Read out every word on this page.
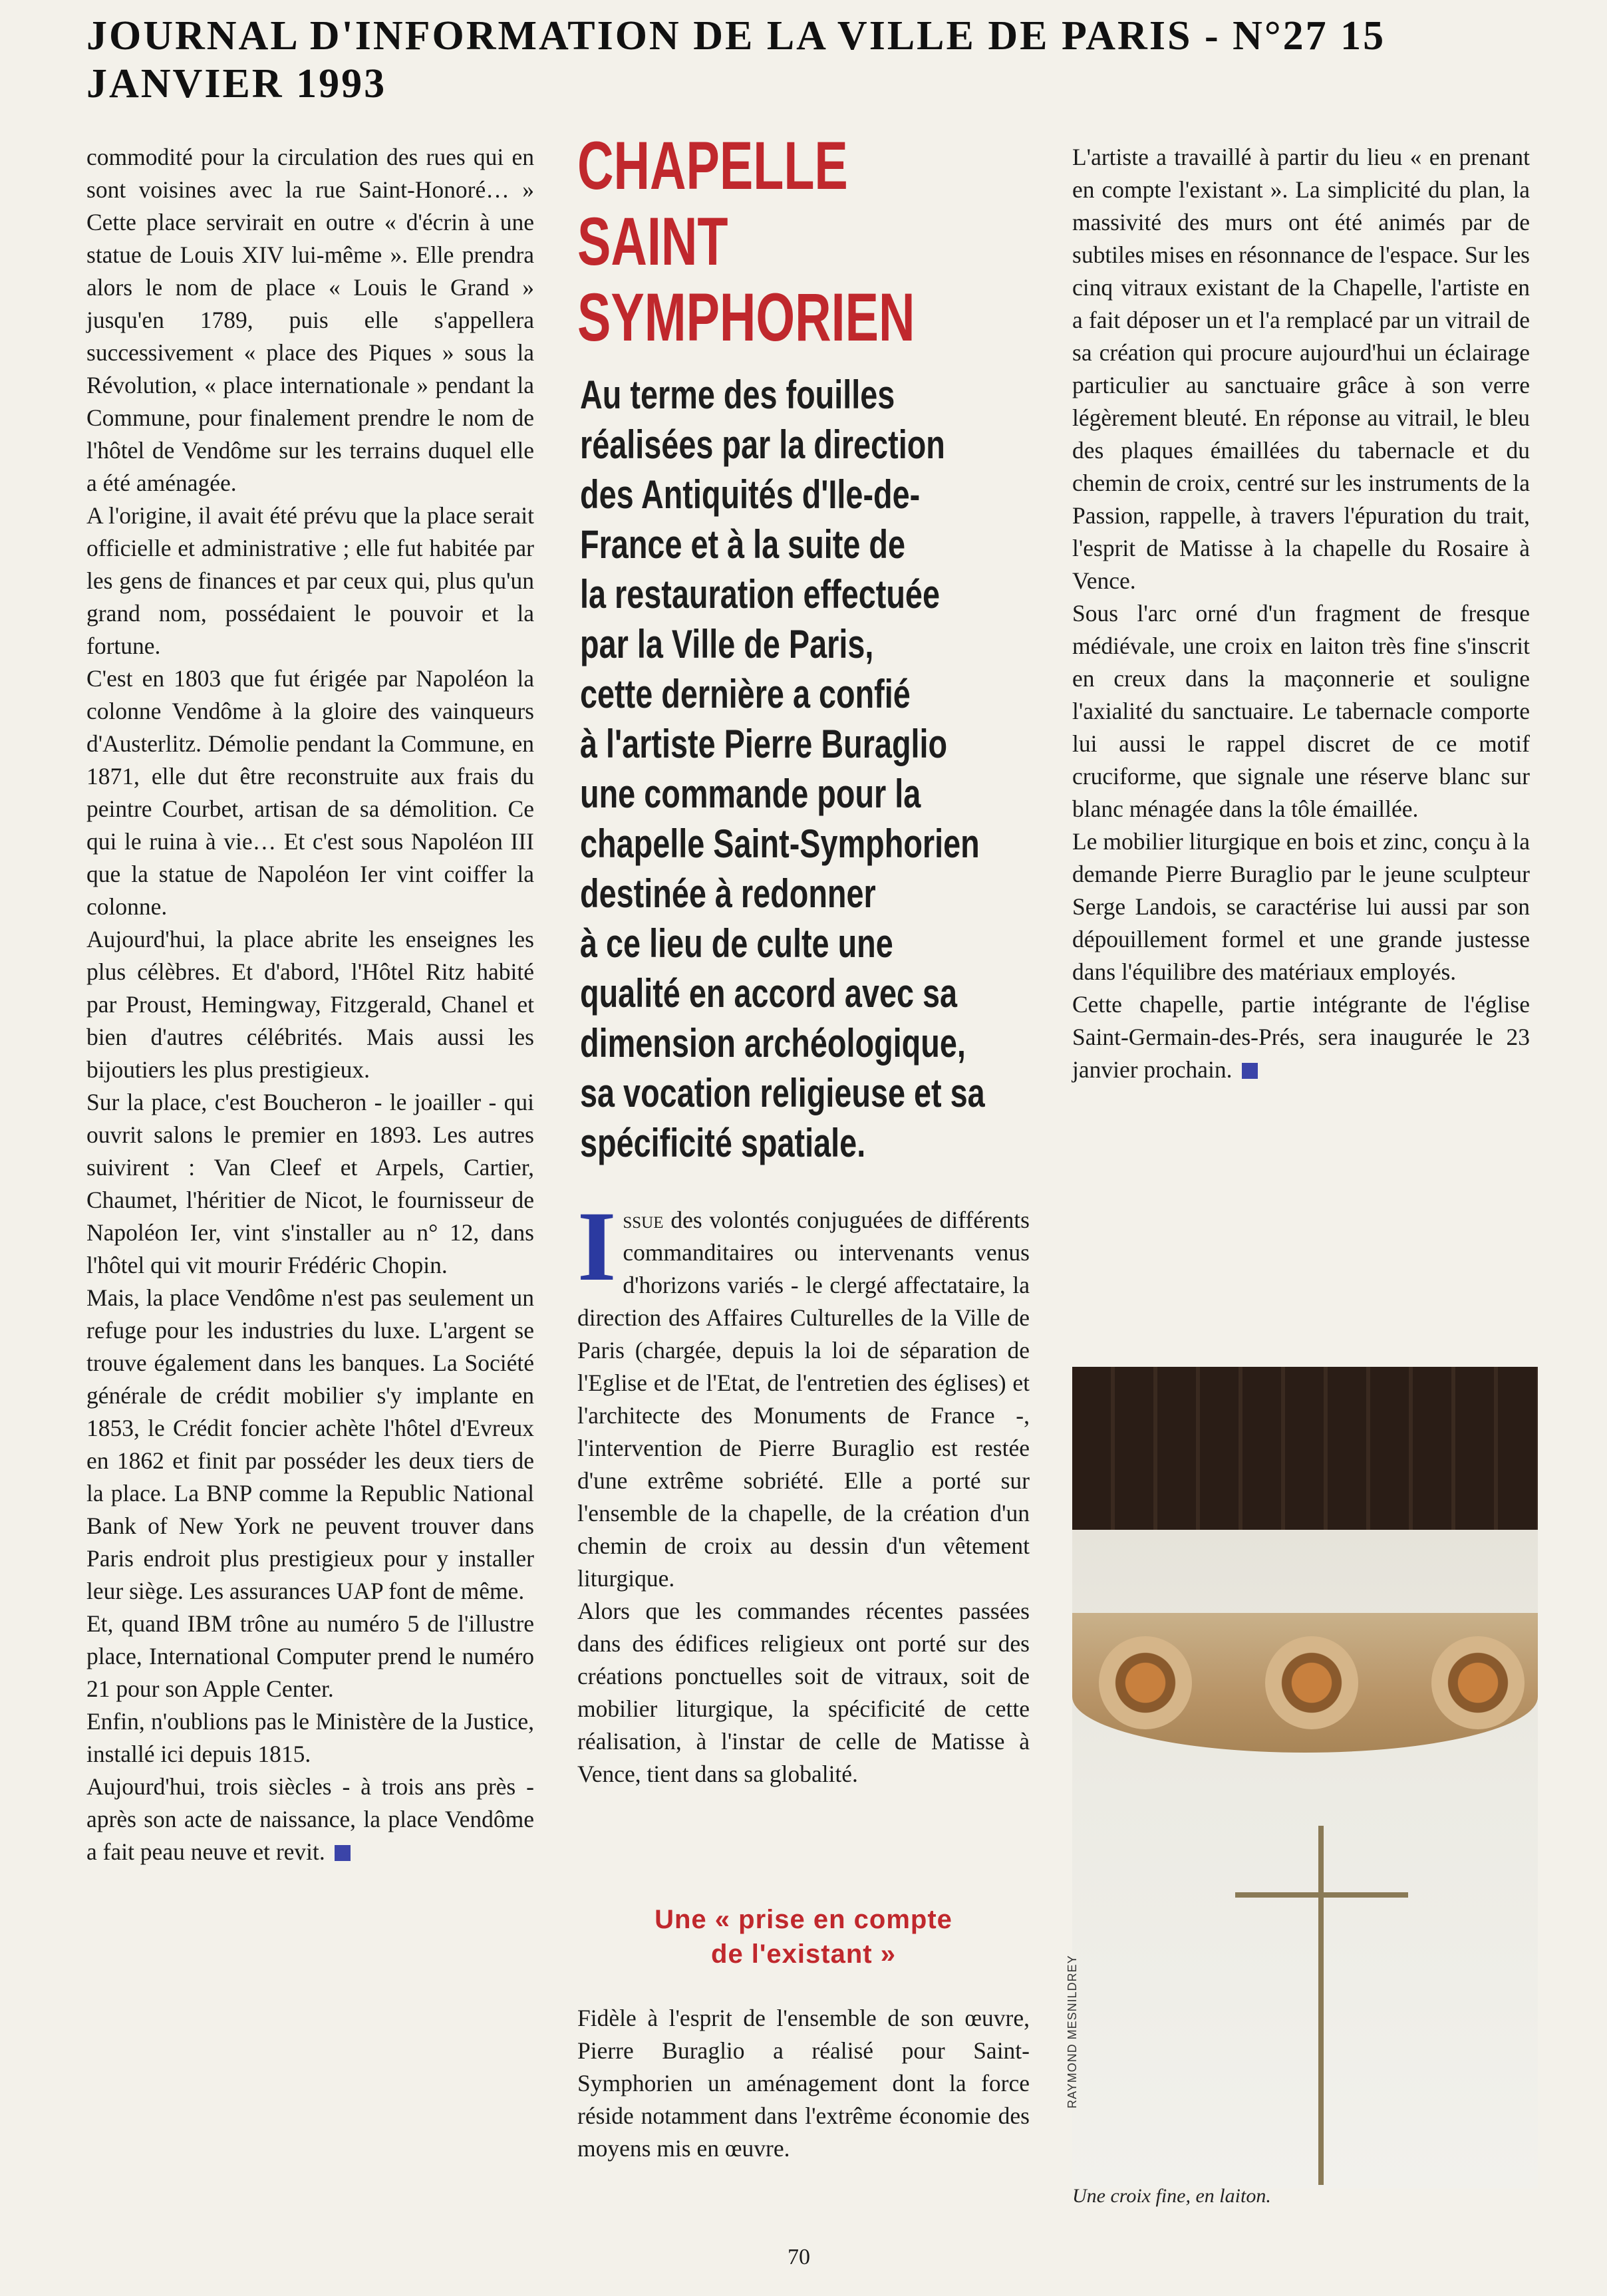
JOURNAL D'INFORMATION DE LA VILLE DE PARIS - N°27 15
JANVIER 1993

commodité pour la circulation des rues qui en sont voisines avec la rue Saint-Honoré… » Cette place servirait en outre « d'écrin à une statue de Louis XIV lui-même ». Elle prendra alors le nom de place « Louis le Grand » jusqu'en 1789, puis elle s'appellera successivement « place des Piques » sous la Révolution, « place internationale » pendant la Commune, pour finalement prendre le nom de l'hôtel de Vendôme sur les terrains duquel elle a été aménagée.

A l'origine, il avait été prévu que la place serait officielle et administrative ; elle fut habitée par les gens de finances et par ceux qui, plus qu'un grand nom, possédaient le pouvoir et la fortune.

C'est en 1803 que fut érigée par Napoléon la colonne Vendôme à la gloire des vainqueurs d'Austerlitz. Démolie pendant la Commune, en 1871, elle dut être reconstruite aux frais du peintre Courbet, artisan de sa démolition. Ce qui le ruina à vie… Et c'est sous Napoléon III que la statue de Napoléon Ier vint coiffer la colonne.

Aujourd'hui, la place abrite les enseignes les plus célèbres. Et d'abord, l'Hôtel Ritz habité par Proust, Hemingway, Fitzgerald, Chanel et bien d'autres célébrités. Mais aussi les bijoutiers les plus prestigieux.

Sur la place, c'est Boucheron - le joailler - qui ouvrit salons le premier en 1893. Les autres suivirent : Van Cleef et Arpels, Cartier, Chaumet, l'héritier de Nicot, le fournisseur de Napoléon Ier, vint s'installer au n° 12, dans l'hôtel qui vit mourir Frédéric Chopin.

Mais, la place Vendôme n'est pas seulement un refuge pour les industries du luxe. L'argent se trouve également dans les banques. La Société générale de crédit mobilier s'y implante en 1853, le Crédit foncier achète l'hôtel d'Evreux en 1862 et finit par posséder les deux tiers de la place. La BNP comme la Republic National Bank of New York ne peuvent trouver dans Paris endroit plus prestigieux pour y installer leur siège. Les assurances UAP font de même.

Et, quand IBM trône au numéro 5 de l'illustre place, International Computer prend le numéro 21 pour son Apple Center.

Enfin, n'oublions pas le Ministère de la Justice, installé ici depuis 1815.

Aujourd'hui, trois siècles - à trois ans près - après son acte de naissance, la place Vendôme a fait peau neuve et revit.

CHAPELLE
SAINT
SYMPHORIEN
Au terme des fouilles
réalisées par la direction
des Antiquités d'Ile-de-
France et à la suite de
la restauration effectuée
par la Ville de Paris,
cette dernière a confié
à l'artiste Pierre Buraglio
une commande pour la
chapelle Saint-Symphorien
destinée à redonner
à ce lieu de culte une
qualité en accord avec sa
dimension archéologique,
sa vocation religieuse et sa
spécificité spatiale.

Issue des volontés conjuguées de différents commanditaires ou intervenants venus d'horizons variés - le clergé affectataire, la direction des Affaires Culturelles de la Ville de Paris (chargée, depuis la loi de séparation de l'Eglise et de l'Etat, de l'entretien des églises) et l'architecte des Monuments de France -, l'intervention de Pierre Buraglio est restée d'une extrême sobriété. Elle a porté sur l'ensemble de la chapelle, de la création d'un chemin de croix au dessin d'un vêtement liturgique.

Alors que les commandes récentes passées dans des édifices religieux ont porté sur des créations ponctuelles soit de vitraux, soit de mobilier liturgique, la spécificité de cette réalisation, à l'instar de celle de Matisse à Vence, tient dans sa globalité.

Une « prise en compte
de l'existant »

Fidèle à l'esprit de l'ensemble de son œuvre, Pierre Buraglio a réalisé pour Saint-Symphorien un aménagement dont la force réside notamment dans l'extrême économie des moyens mis en œuvre.

L'artiste a travaillé à partir du lieu « en prenant en compte l'existant ». La simplicité du plan, la massivité des murs ont été animés par de subtiles mises en résonnance de l'espace. Sur les cinq vitraux existant de la Chapelle, l'artiste en a fait déposer un et l'a remplacé par un vitrail de sa création qui procure aujourd'hui un éclairage particulier au sanctuaire grâce à son verre légèrement bleuté. En réponse au vitrail, le bleu des plaques émaillées du tabernacle et du chemin de croix, centré sur les instruments de la Passion, rappelle, à travers l'épuration du trait, l'esprit de Matisse à la chapelle du Rosaire à Vence.

Sous l'arc orné d'un fragment de fresque médiévale, une croix en laiton très fine s'inscrit en creux dans la maçonnerie et souligne l'axialité du sanctuaire. Le tabernacle comporte lui aussi le rappel discret de ce motif cruciforme, que signale une réserve blanc sur blanc ménagée dans la tôle émaillée.

Le mobilier liturgique en bois et zinc, conçu à la demande Pierre Buraglio par le jeune sculpteur Serge Landois, se caractérise lui aussi par son dépouillement formel et une grande justesse dans l'équilibre des matériaux employés.

Cette chapelle, partie intégrante de l'église Saint-Germain-des-Prés, sera inaugurée le 23 janvier prochain.

RAYMOND MESNILDREY
Une croix fine, en laiton.
70
